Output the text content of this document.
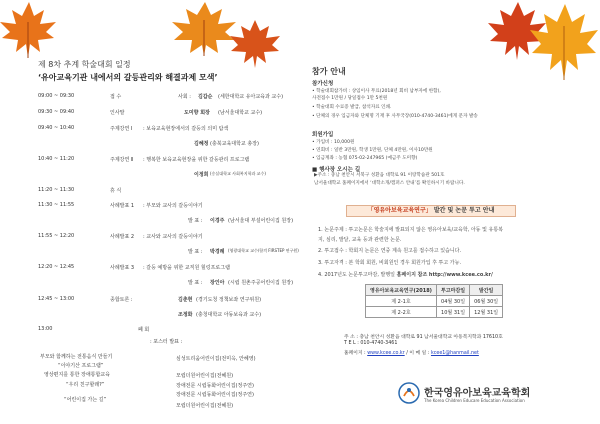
제 8차 추계 학술대회 일정
‘유아교육기관 내에서의 갈등관리와 해결과제 모색’
09:00 ~ 09:30	접 수	사회 : 김갑순 (세한대학교 유아교육과 교수)
09:30 ~ 09:40	인사말	도미향 회장 (남서울대학교 교수)
09:40 ~ 10:40	주제강연 Ⅰ : 보육교육현장에서의 갈등의 의미 탐색
김혜정 (충북교육대학교 총장)
10:40 ~ 11:20	주제강연 Ⅱ : 행복한 보육교육현장을 위한 갈등관리 프로그램
이정희 (숭실대학교 사회복지학과 교수)
11:20 ~ 11:30	휴 식
11:30 ~ 11:55	사례발표 1 : 부모와 교사의 갈등이야기
발 표 : 이경주 (남서울대 부설어린이집 원장)
11:55 ~ 12:20	사례발표 2 : 교사와 교사의 갈등이야기
발 표 : 박경례 (영광대학교 교수/합격 FIRSTEP 연구원)
12:20 ~ 12:45	사례발표 3 : 갈등 예방을 위한 교직원 힐링프로그램
발 표 : 장인아 (시립 원촌주공어린이집 원장)
12:45 ~ 13:00	종합토론 :	김춘현 (경기도청 정책보좌 연구위원)
조정화 (충청대학교 아동보육과 교수)
13:00	폐 회
: 포스터 발표 :
부모와 함께하는 전통음식 만들기	심성트리움어린이집(전미옥, 안혜영)
“이야기산 프로그램”
영상편지를 통한 장애통합교육	모립더원어린이집(전혜원)
“우리 친구할래?”	장애전문 시립동화어린이집(정주연)
장애전문 시립동화어린이집(정주연)
“어린이집 가는 길”
모립더원어린이집(전혜원)
참가 안내
참가신청
• 학술대회참가비 : 상임이사 무료(2018년 회비 납부자에 한함),
사전접수 1만원 / 당일접수 1만 5천원
• 학술대회 수료증 발급, 참석자료 인쇄.
• 단체의 경우 입금자와 단체명 기재 후 사무국장(010-4740-3461)에게 문자 발송
회원가입
• 가입비 : 10,000원
• 연회비 : 일반 3만원, 학생 1만원, 단체 4만원, 이사10만원
• 입금계좌 : 농협 075-02-247965 (예금주 도미향)
■ 행사장 오시는 길
▶주소 : 충남 천안시 서북구 성환읍 대학로 91 이랑학습관 501호
남서울대학교 홈페이지에서 ‘대학소개/캠퍼스 안내’를 확인하시기 바랍니다.
「영유아보육교육연구」 발간 및 논문 투고 안내
1. 논문주제 : 투고논문은 학술지에 발표되지 않은 영유아보육/교육학, 아동 및 유통복
지, 심리, 발달, 교육 등과 관련한 논문.
2. 투고접수 : 학회지 논문은 연중 계속 원고를 접수하고 있습니다.
3. 투고자격 : 본 학회 회원, 비회원인 경우 회원가입 후 투고 가능.
4. 2017년도 논문투고마감, 발행일 홈페이지 참조 http://www.kcee.co.kr/
영유아보육교육연구(2018)	투고마감일	발간일
제 2-1호	04월 30일	06월 30일
제 2-2호	10월 31일	12월 31일
주 소 : 충남 천안시 성환읍 대학로 91 남서울대학교 아동복지학과 17610호
T E L : 010-4740-3461
홈페이지 : www.kcee.co.kr / 이 메 일 : kcee1@hanmail.net
한국영유아보육교육학회
The Korea Children Educare Education Association
